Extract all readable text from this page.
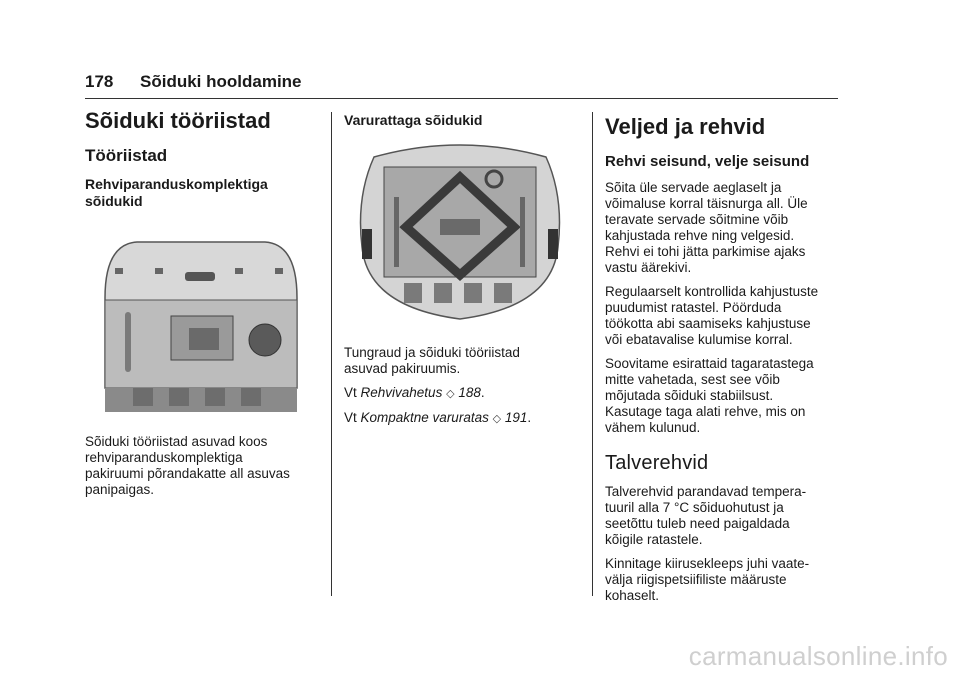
178 Sõiduki hooldamine
Sõiduki tööriistad
Tööriistad
Rehviparanduskomplektiga
sõidukid

Sõiduki tööriistad asuvad koos
rehviparanduskomplektiga
pakiruumi põrandakatte all asuvas
panipaigas.

Varurattaga sõidukid

Tungraud ja sõiduki tööriistad
asuvad pakiruumis.

Vt Rehvivahetus ◇ 188.

Vt Kompaktne varuratas ◇ 191.

Veljed ja rehvid
Rehvi seisund, velje seisund

Sõita üle servade aeglaselt ja
võimaluse korral täisnurga all. Üle
teravate servade sõitmine võib
kahjustada rehve ning velgesid.
Rehvi ei tohi jätta parkimise ajaks
vastu äärekivi.

Regulaarselt kontrollida kahjustuste
puudumist ratastel. Pöörduda
töökotta abi saamiseks kahjustuse
või ebatavalise kulumise korral.

Soovitame esirattaid tagaratastega
mitte vahetada, sest see võib
mõjutada sõiduki stabiilsust.
Kasutage taga alati rehve, mis on
vähem kulunud.

Talverehvid

Talverehvid parandavad tempera-
tuuril alla 7 °C sõiduohutust ja
seetõttu tuleb need paigaldada
kõigile ratastele.

Kinnitage kiirusekleeps juhi vaate-
välja riigispetsiifiliste määruste
kohaselt.

carmanualsonline.info
